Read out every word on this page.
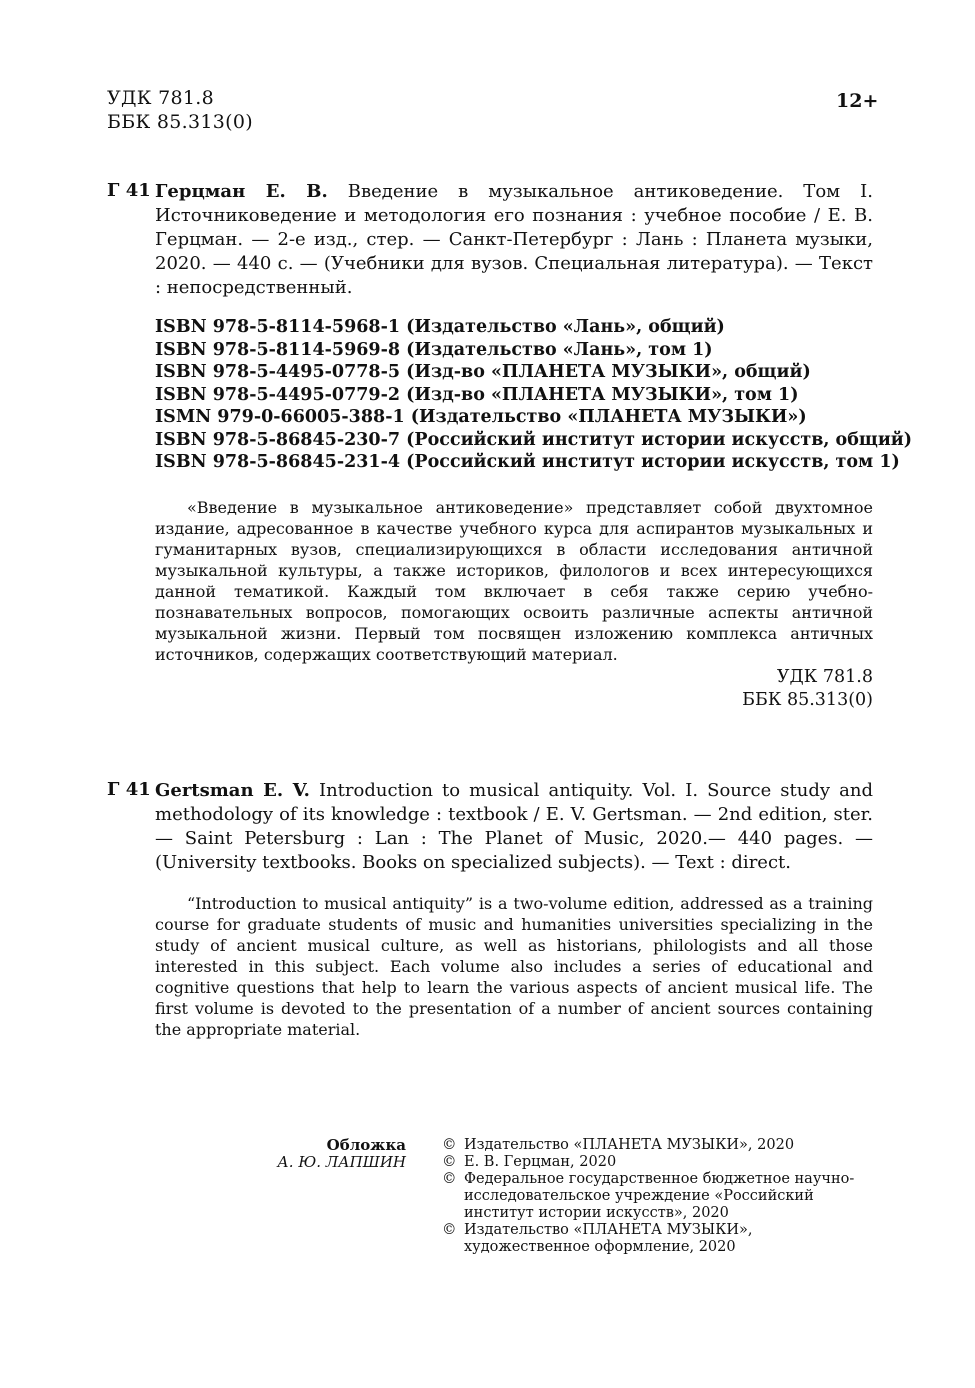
УДК 781.8
ББК 85.313(0)
12+
Г 41 Герцман Е. В. Введение в музыкальное антиковедение. Том I. Источниковедение и методология его познания : учебное пособие / Е. В. Герцман. — 2-е изд., стер. — Санкт-Петербург : Лань : Планета музыки, 2020. — 440 с. — (Учебники для вузов. Специальная литература). — Текст : непосредственный.
ISBN 978-5-8114-5968-1 (Издательство «Лань», общий)
ISBN 978-5-8114-5969-8 (Издательство «Лань», том 1)
ISBN 978-5-4495-0778-5 (Изд-во «ПЛАНЕТА МУЗЫКИ», общий)
ISBN 978-5-4495-0779-2 (Изд-во «ПЛАНЕТА МУЗЫКИ», том 1)
ISMN 979-0-66005-388-1 (Издательство «ПЛАНЕТА МУЗЫКИ»)
ISBN 978-5-86845-230-7 (Российский институт истории искусств, общий)
ISBN 978-5-86845-231-4 (Российский институт истории искусств, том 1)

«Введение в музыкальное антиковедение» представляет собой двухтомное издание, адресованное в качестве учебного курса для аспирантов музыкальных и гуманитарных вузов, специализирующихся в области исследования античной музыкальной культуры, а также историков, филологов и всех интересующихся данной тематикой. Каждый том включает в себя также серию учебно-познавательных вопросов, помогающих освоить различные аспекты античной музыкальной жизни. Первый том посвящен изложению комплекса античных источников, содержащих соответствующий материал.

УДК 781.8
ББК 85.313(0)
Г 41 Gertsman E. V. Introduction to musical antiquity. Vol. I. Source study and methodology of its knowledge : textbook / E. V. Gertsman. — 2nd edition, ster. — Saint Petersburg : Lan : The Planet of Music, 2020.— 440 pages. — (University textbooks. Books on specialized subjects). — Text : direct.

“Introduction to musical antiquity” is a two-volume edition, addressed as a training course for graduate students of music and humanities universities specializing in the study of ancient musical culture, as well as historians, philologists and all those interested in this subject. Each volume also includes a series of educational and cognitive questions that help to learn the various aspects of ancient musical life. The first volume is devoted to the presentation of a number of ancient sources containing the appropriate material.

Обложка
А. Ю. ЛАПШИН
© Издательство «ПЛАНЕТА МУЗЫКИ», 2020
© Е. В. Герцман, 2020
© Федеральное государственное бюджетное научно-исследовательское учреждение «Российский институт истории искусств», 2020
© Издательство «ПЛАНЕТА МУЗЫКИ», художественное оформление, 2020
